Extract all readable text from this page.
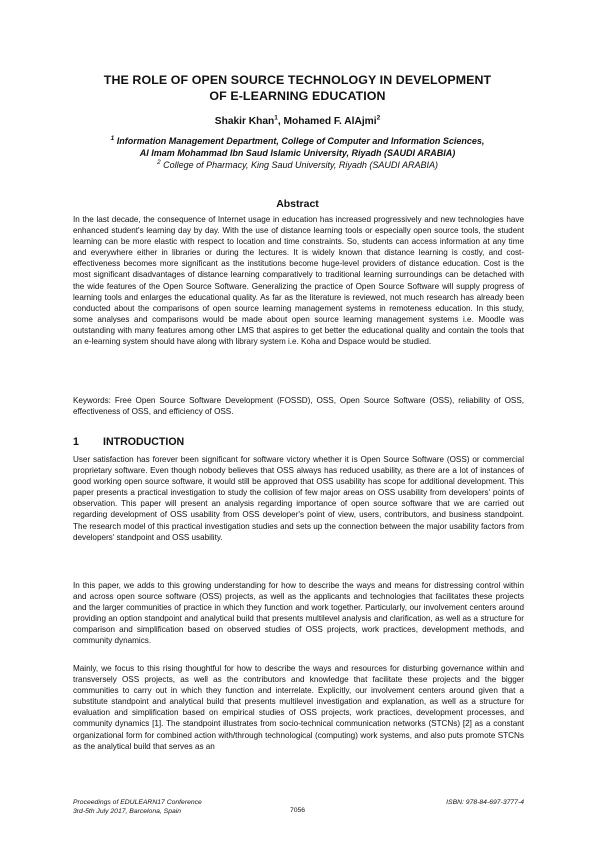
THE ROLE OF OPEN SOURCE TECHNOLOGY IN DEVELOPMENT
OF E-LEARNING EDUCATION
Shakir Khan$^1$, Mohamed F. AlAjmi$^2$
$^1$ Information Management Department, College of Computer and Information Sciences,
Al Imam Mohammad Ibn Saud Islamic University, Riyadh (SAUDI ARABIA)
$^2$ College of Pharmacy, King Saud University, Riyadh (SAUDI ARABIA)
Abstract
In the last decade, the consequence of Internet usage in education has increased progressively and new technologies have enhanced student's learning day by day. With the use of distance learning tools or especially open source tools, the student learning can be more elastic with respect to location and time constraints. So, students can access information at any time and everywhere either in libraries or during the lectures. It is widely known that distance learning is costly, and cost-effectiveness becomes more significant as the institutions become huge-level providers of distance education. Cost is the most significant disadvantages of distance learning comparatively to traditional learning surroundings can be detached with the wide features of the Open Source Software. Generalizing the practice of Open Source Software will supply progress of learning tools and enlarges the educational quality. As far as the literature is reviewed, not much research has already been conducted about the comparisons of open source learning management systems in remoteness education. In this study, some analyses and comparisons would be made about open source learning management systems i.e. Moodle was outstanding with many features among other LMS that aspires to get better the educational quality and contain the tools that an e-learning system should have along with library system i.e. Koha and Dspace would be studied.
Keywords: Free Open Source Software Development (FOSSD), OSS, Open Source Software (OSS), reliability of OSS, effectiveness of OSS, and efficiency of OSS.
1 INTRODUCTION
User satisfaction has forever been significant for software victory whether it is Open Source Software (OSS) or commercial proprietary software. Even though nobody believes that OSS always has reduced usability, as there are a lot of instances of good working open source software, it would still be approved that OSS usability has scope for additional development. This paper presents a practical investigation to study the collision of few major areas on OSS usability from developers' points of observation. This paper will present an analysis regarding importance of open source software that we are carried out regarding development of OSS usability from OSS developer's point of view, users, contributors, and business standpoint. The research model of this practical investigation studies and sets up the connection between the major usability factors from developers' standpoint and OSS usability.
In this paper, we adds to this growing understanding for how to describe the ways and means for distressing control within and across open source software (OSS) projects, as well as the applicants and technologies that facilitates these projects and the larger communities of practice in which they function and work together. Particularly, our involvement centers around providing an option standpoint and analytical build that presents multilevel analysis and clarification, as well as a structure for comparison and simplification based on observed studies of OSS projects, work practices, development methods, and community dynamics.
Mainly, we focus to this rising thoughtful for how to describe the ways and resources for disturbing governance within and transversely OSS projects, as well as the contributors and knowledge that facilitate these projects and the bigger communities to carry out in which they function and interrelate. Explicitly, our involvement centers around given that a substitute standpoint and analytical build that presents multilevel investigation and explanation, as well as a structure for evaluation and simplification based on empirical studies of OSS projects, work practices, development processes, and community dynamics [1]. The standpoint illustrates from socio-technical communication networks (STCNs) [2] as a constant organizational form for combined action with/through technological (computing) work systems, and also puts promote STCNs as the analytical build that serves as an
Proceedings of EDULEARN17 Conference
3rd-5th July 2017, Barcelona, Spain
ISBN: 978-84-697-3777-4
7056
